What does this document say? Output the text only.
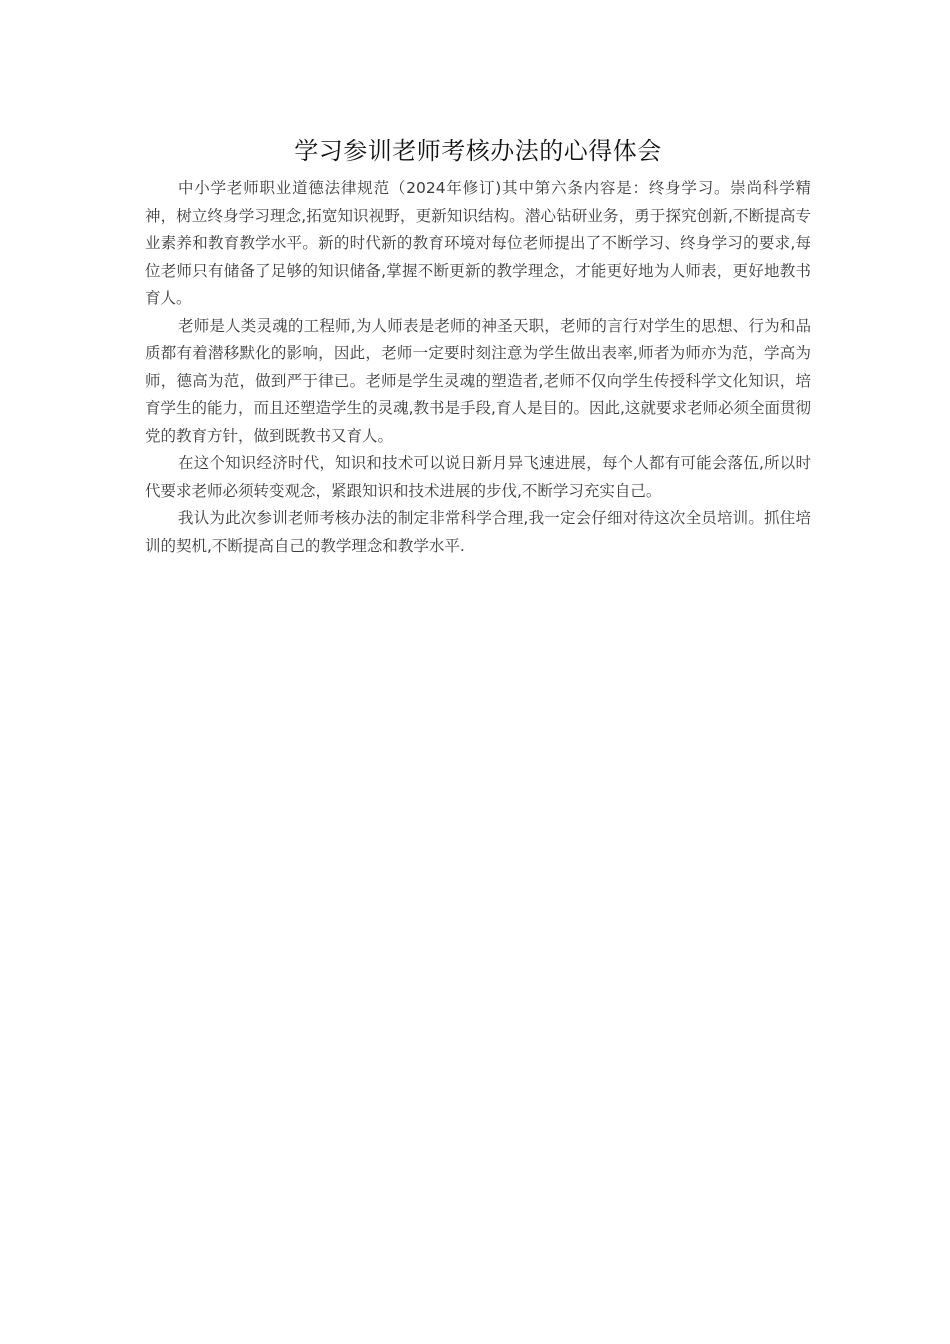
学习参训老师考核办法的心得体会

中小学老师职业道德法律规范（2024年修订)其中第六条内容是：终身学习。崇尚科学精神，树立终身学习理念,拓宽知识视野，更新知识结构。潜心钻研业务，勇于探究创新,不断提高专业素养和教育教学水平。新的时代新的教育环境对每位老师提出了不断学习、终身学习的要求,每位老师只有储备了足够的知识储备,掌握不断更新的教学理念，才能更好地为人师表，更好地教书育人。

老师是人类灵魂的工程师,为人师表是老师的神圣天职，老师的言行对学生的思想、行为和品质都有着潜移默化的影响，因此，老师一定要时刻注意为学生做出表率,师者为师亦为范，学高为师，德高为范，做到严于律已。老师是学生灵魂的塑造者,老师不仅向学生传授科学文化知识，培育学生的能力，而且还塑造学生的灵魂,教书是手段,育人是目的。因此,这就要求老师必须全面贯彻党的教育方针，做到既教书又育人。

在这个知识经济时代，知识和技术可以说日新月异飞速进展，每个人都有可能会落伍,所以时代要求老师必须转变观念，紧跟知识和技术进展的步伐,不断学习充实自己。

我认为此次参训老师考核办法的制定非常科学合理,我一定会仔细对待这次全员培训。抓住培训的契机,不断提高自己的教学理念和教学水平.
